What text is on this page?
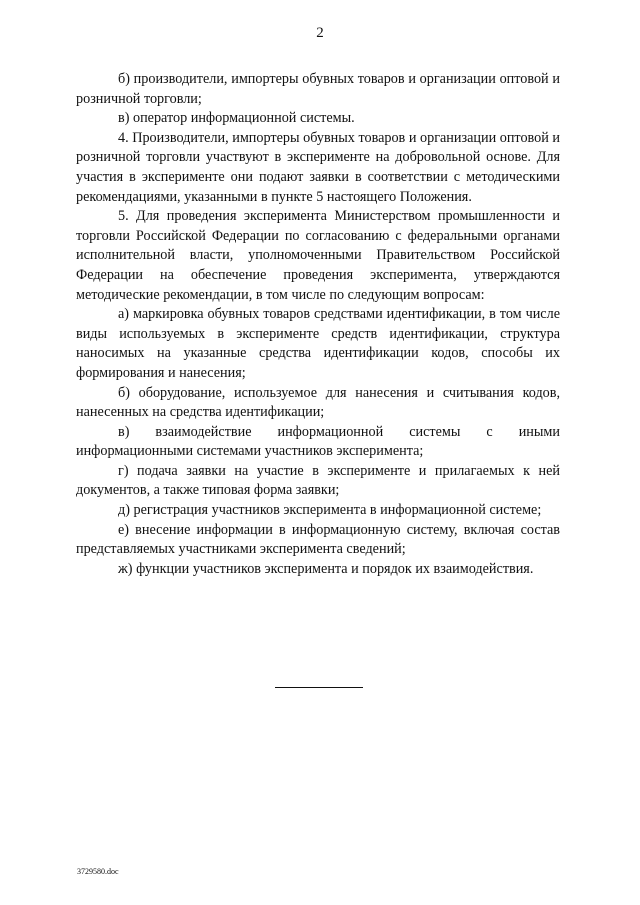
2

б) производители, импортеры обувных товаров и организации оптовой и розничной торговли;

в) оператор информационной системы.

4. Производители, импортеры обувных товаров и организации оптовой и розничной торговли участвуют в эксперименте на добровольной основе. Для участия в эксперименте они подают заявки в соответствии с методическими рекомендациями, указанными в пункте 5 настоящего Положения.

5. Для проведения эксперимента Министерством промышленности и торговли Российской Федерации по согласованию с федеральными органами исполнительной власти, уполномоченными Правительством Российской Федерации на обеспечение проведения эксперимента, утверждаются методические рекомендации, в том числе по следующим вопросам:

а) маркировка обувных товаров средствами идентификации, в том числе виды используемых в эксперименте средств идентификации, структура наносимых на указанные средства идентификации кодов, способы их формирования и нанесения;

б) оборудование, используемое для нанесения и считывания кодов, нанесенных на средства идентификации;

в) взаимодействие информационной системы с иными информационными системами участников эксперимента;

г) подача заявки на участие в эксперименте и прилагаемых к ней документов, а также типовая форма заявки;

д) регистрация участников эксперимента в информационной системе;

е) внесение информации в информационную систему, включая состав представляемых участниками эксперимента сведений;

ж) функции участников эксперимента и порядок их взаимодействия.

3729580.doc
